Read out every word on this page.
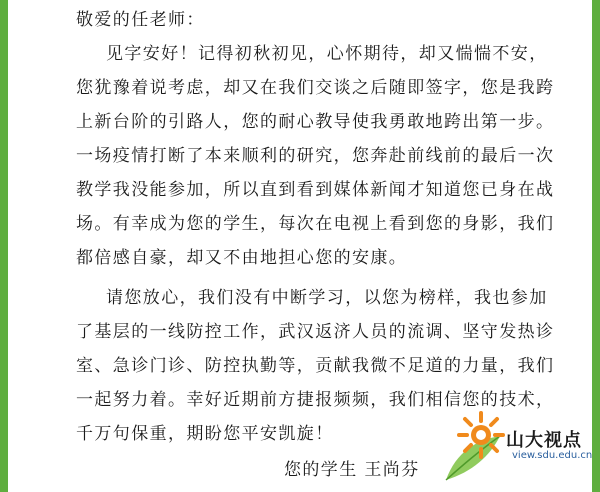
敬爱的任老师：
见字安好！记得初秋初见，心怀期待，却又惴惴不安，
您犹豫着说考虑，却又在我们交谈之后随即签字，您是我跨
上新台阶的引路人，您的耐心教导使我勇敢地跨出第一步。
一场疫情打断了本来顺利的研究，您奔赴前线前的最后一次
教学我没能参加，所以直到看到媒体新闻才知道您已身在战
场。有幸成为您的学生，每次在电视上看到您的身影，我们
都倍感自豪，却又不由地担心您的安康。
请您放心，我们没有中断学习，以您为榜样，我也参加
了基层的一线防控工作，武汉返济人员的流调、坚守发热诊
室、急诊门诊、防控执勤等，贡献我微不足道的力量，我们
一起努力着。幸好近期前方捷报频频，我们相信您的技术，
千万句保重，期盼您平安凯旋！
您的学生 王尚芬
山大视点
view.sdu.edu.cn
